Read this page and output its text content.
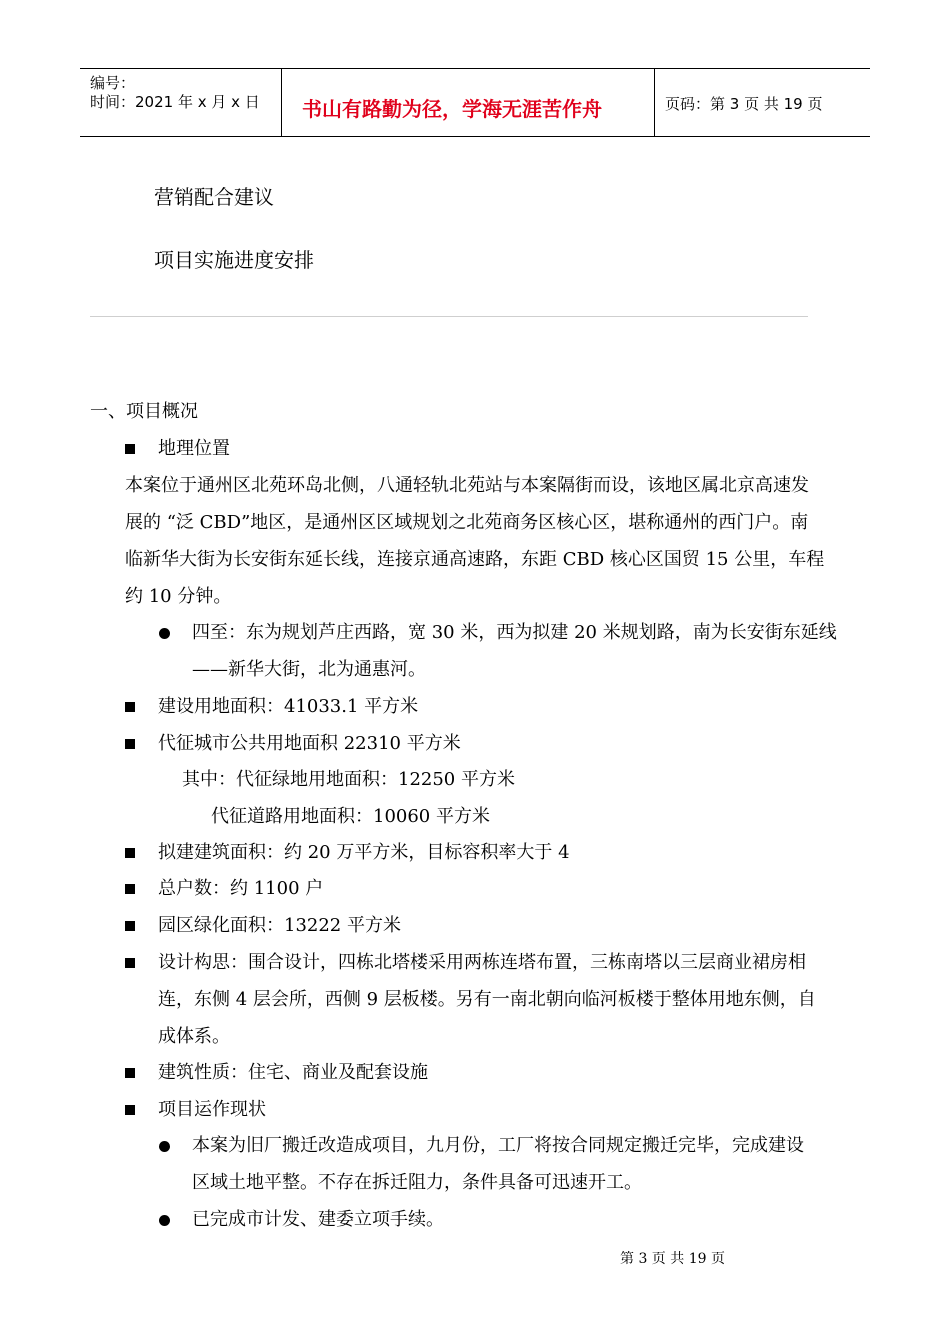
编号：
时间：2021 年 x 月 x 日 书山有路勤为径，学海无涯苦作舟	页码：第 3 页 共 19 页
营销配合建议
项目实施进度安排
一、项目概况
地理位置
本案位于通州区北苑环岛北侧，八通轻轨北苑站与本案隔街而设，该地区属北京高速发
展的 “泛 CBD”地区，是通州区区域规划之北苑商务区核心区，堪称通州的西门户。南
临新华大街为长安街东延长线，连接京通高速路，东距 CBD 核心区国贸 15 公里，车程
约 10 分钟。
四至：东为规划芦庄西路，宽 30 米，西为拟建 20 米规划路，南为长安街东延线
——新华大街，北为通惠河。
建设用地面积：41033.1 平方米
代征城市公共用地面积 22310 平方米
其中：代征绿地用地面积：12250 平方米
代征道路用地面积：10060 平方米
拟建建筑面积：约 20 万平方米，目标容积率大于 4
总户数：约 1100 户
园区绿化面积：13222 平方米
设计构思：围合设计，四栋北塔楼采用两栋连塔布置，三栋南塔以三层商业裙房相
连，东侧 4 层会所，西侧 9 层板楼。另有一南北朝向临河板楼于整体用地东侧，自
成体系。
建筑性质：住宅、商业及配套设施
项目运作现状
本案为旧厂搬迁改造成项目，九月份，工厂将按合同规定搬迁完毕，完成建设
区域土地平整。不存在拆迁阻力，条件具备可迅速开工。
已完成市计发、建委立项手续。
第 3 页 共 19 页
